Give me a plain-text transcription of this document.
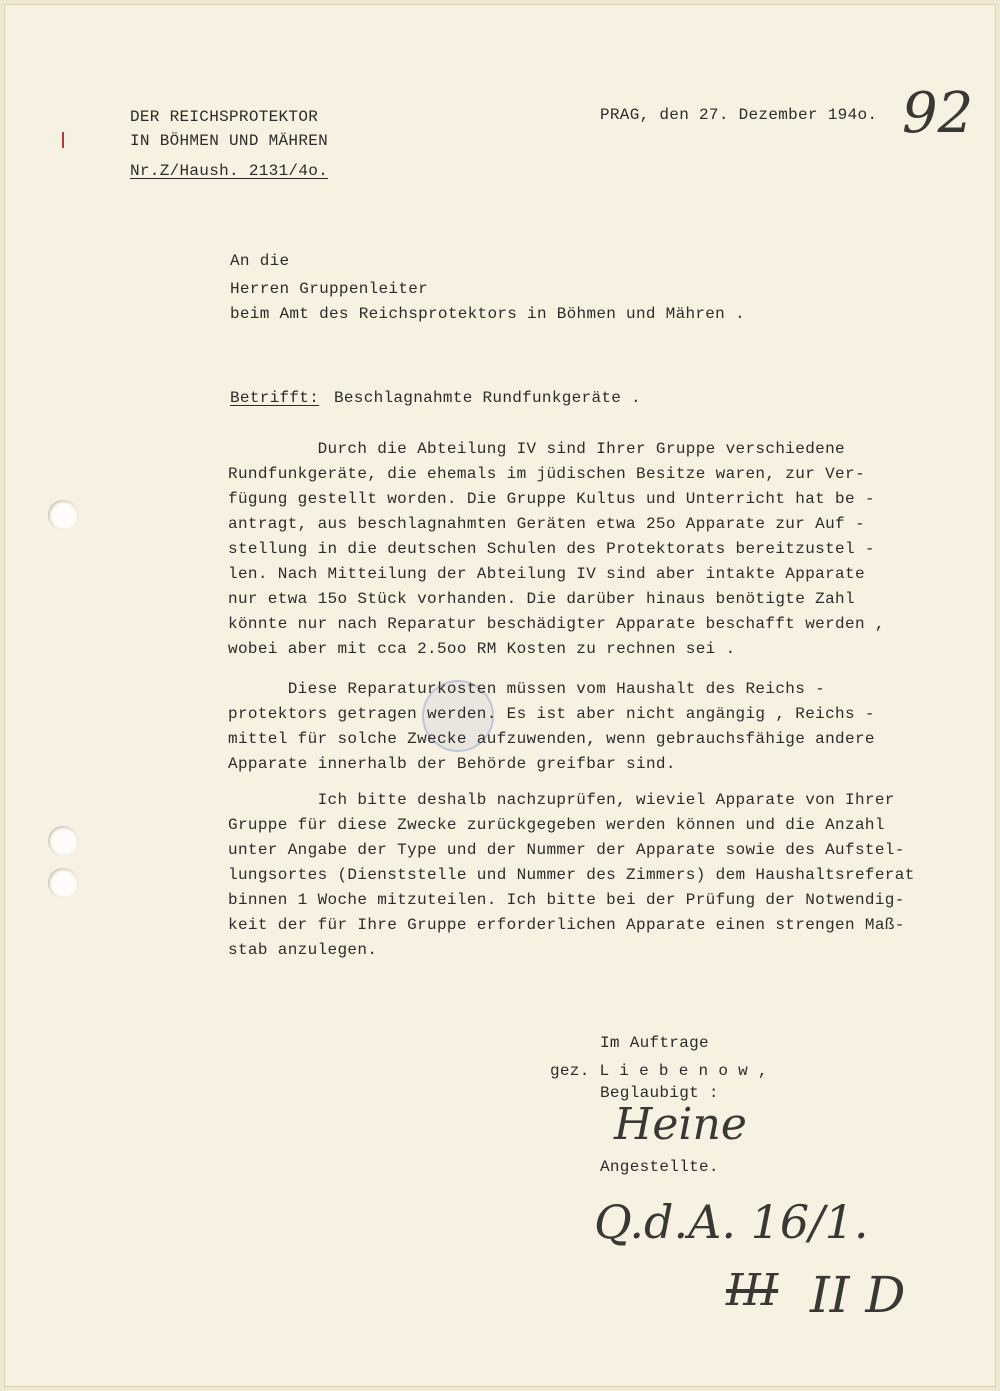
DER REICHSPROTEKTOR

IN BÖHMEN UND MÄHREN

Nr.Z/Haush. 2131/4o.

PRAG, den 27. Dezember 194o. 92

An die

Herren Gruppenleiter

beim Amt des Reichsprotektors in Böhmen und Mähren .

Betrifft: Beschlagnahmte Rundfunkgeräte .

Durch die Abteilung IV sind Ihrer Gruppe verschiedene

Rundfunkgeräte, die ehemals im jüdischen Besitze waren, zur Ver-

fügung gestellt worden. Die Gruppe Kultus und Unterricht hat be -

antragt, aus beschlagnahmten Geräten etwa 25o Apparate zur Auf -

stellung in die deutschen Schulen des Protektorats bereitzustel -

len. Nach Mitteilung der Abteilung IV sind aber intakte Apparate

nur etwa 15o Stück vorhanden. Die darüber hinaus benötigte Zahl

könnte nur nach Reparatur beschädigter Apparate beschafft werden ,

wobei aber mit cca 2.5oo RM Kosten zu rechnen sei .

Diese Reparaturkosten müssen vom Haushalt des Reichs -

protektors getragen werden. Es ist aber nicht angängig , Reichs -

mittel für solche Zwecke aufzuwenden, wenn gebrauchsfähige andere

Apparate innerhalb der Behörde greifbar sind.

Ich bitte deshalb nachzuprüfen, wieviel Apparate von Ihrer

Gruppe für diese Zwecke zurückgegeben werden können und die Anzahl

unter Angabe der Type und der Nummer der Apparate sowie des Aufstel-

lungsortes (Dienststelle und Nummer des Zimmers) dem Haushaltsreferat

binnen 1 Woche mitzuteilen. Ich bitte bei der Prüfung der Notwendig-

keit der für Ihre Gruppe erforderlichen Apparate einen strengen Maß-

stab anzulegen.

Im Auftrage

gez. L i e b e n o w ,

Beglaubigt :

Heine

Angestellte.

Q.d.A. 16/1.

III II D
